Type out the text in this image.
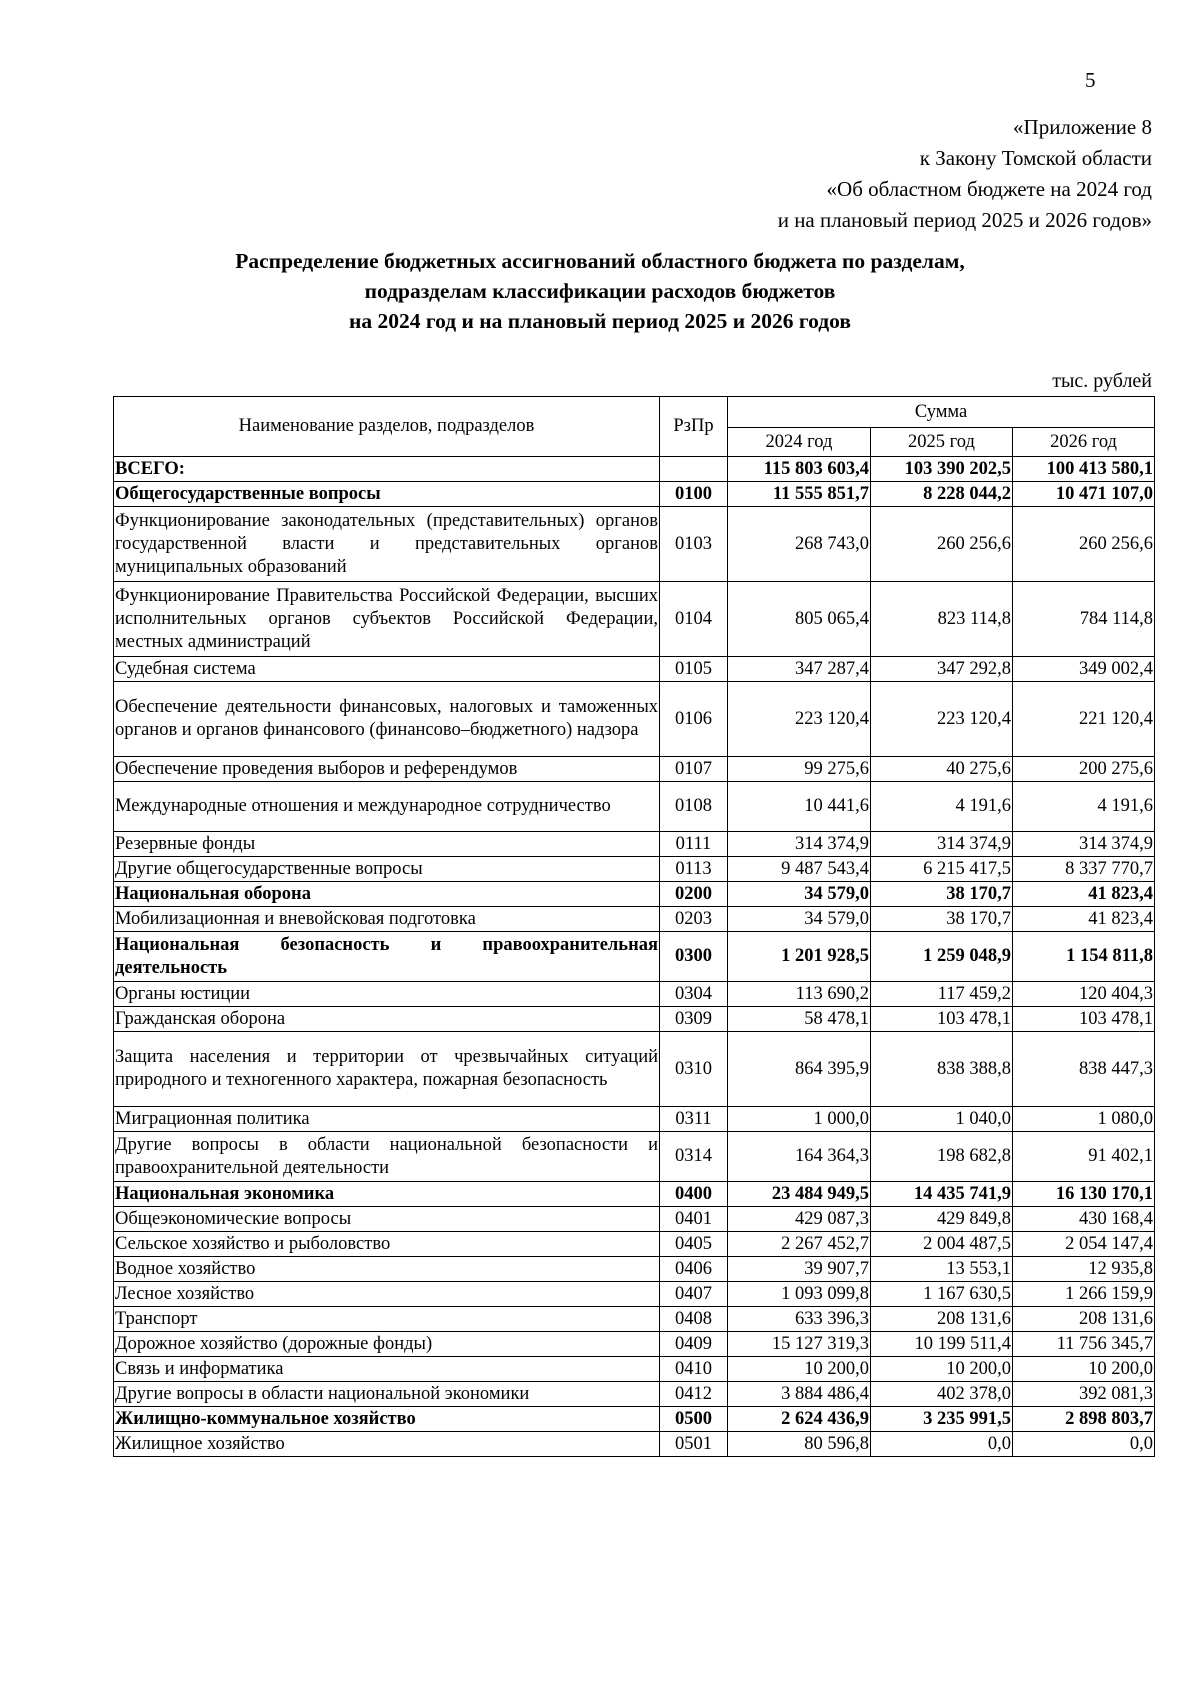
5
«Приложение 8
к Закону Томской области
«Об областном бюджете на 2024 год
и на плановый период 2025 и 2026 годов»
Распределение бюджетных ассигнований областного бюджета по разделам,
подразделам классификации расходов бюджетов
на 2024 год и на плановый период 2025 и 2026 годов
тыс. рублей
Наименование разделов, подразделов	РзПр	Сумма		
		2024 год	2025 год	2026 год
ВСЕГО:		115 803 603,4	103 390 202,5	100 413 580,1
Общегосударственные вопросы	0100	11 555 851,7	8 228 044,2	10 471 107,0
Функционирование законодательных (представительных) органов государственной власти и представительных органов муниципальных образований	0103	268 743,0	260 256,6	260 256,6
Функционирование Правительства Российской Федерации, высших исполнительных органов субъектов Российской Федерации, местных администраций	0104	805 065,4	823 114,8	784 114,8
Судебная система	0105	347 287,4	347 292,8	349 002,4
Обеспечение деятельности финансовых, налоговых и таможенных органов и органов финансового (финансово–бюджетного) надзора	0106	223 120,4	223 120,4	221 120,4
Обеспечение проведения выборов и референдумов	0107	99 275,6	40 275,6	200 275,6
Международные отношения и международное сотрудничество	0108	10 441,6	4 191,6	4 191,6
Резервные фонды	0111	314 374,9	314 374,9	314 374,9
Другие общегосударственные вопросы	0113	9 487 543,4	6 215 417,5	8 337 770,7
Национальная оборона	0200	34 579,0	38 170,7	41 823,4
Мобилизационная и вневойсковая подготовка	0203	34 579,0	38 170,7	41 823,4
Национальная безопасность и правоохранительная деятельность	0300	1 201 928,5	1 259 048,9	1 154 811,8
Органы юстиции	0304	113 690,2	117 459,2	120 404,3
Гражданская оборона	0309	58 478,1	103 478,1	103 478,1
Защита населения и территории от чрезвычайных ситуаций природного и техногенного характера, пожарная безопасность	0310	864 395,9	838 388,8	838 447,3
Миграционная политика	0311	1 000,0	1 040,0	1 080,0
Другие вопросы в области национальной безопасности и правоохранительной деятельности	0314	164 364,3	198 682,8	91 402,1
Национальная экономика	0400	23 484 949,5	14 435 741,9	16 130 170,1
Общеэкономические вопросы	0401	429 087,3	429 849,8	430 168,4
Сельское хозяйство и рыболовство	0405	2 267 452,7	2 004 487,5	2 054 147,4
Водное хозяйство	0406	39 907,7	13 553,1	12 935,8
Лесное хозяйство	0407	1 093 099,8	1 167 630,5	1 266 159,9
Транспорт	0408	633 396,3	208 131,6	208 131,6
Дорожное хозяйство (дорожные фонды)	0409	15 127 319,3	10 199 511,4	11 756 345,7
Связь и информатика	0410	10 200,0	10 200,0	10 200,0
Другие вопросы в области национальной экономики	0412	3 884 486,4	402 378,0	392 081,3
Жилищно-коммунальное хозяйство	0500	2 624 436,9	3 235 991,5	2 898 803,7
Жилищное хозяйство	0501	80 596,8	0,0	0,0
